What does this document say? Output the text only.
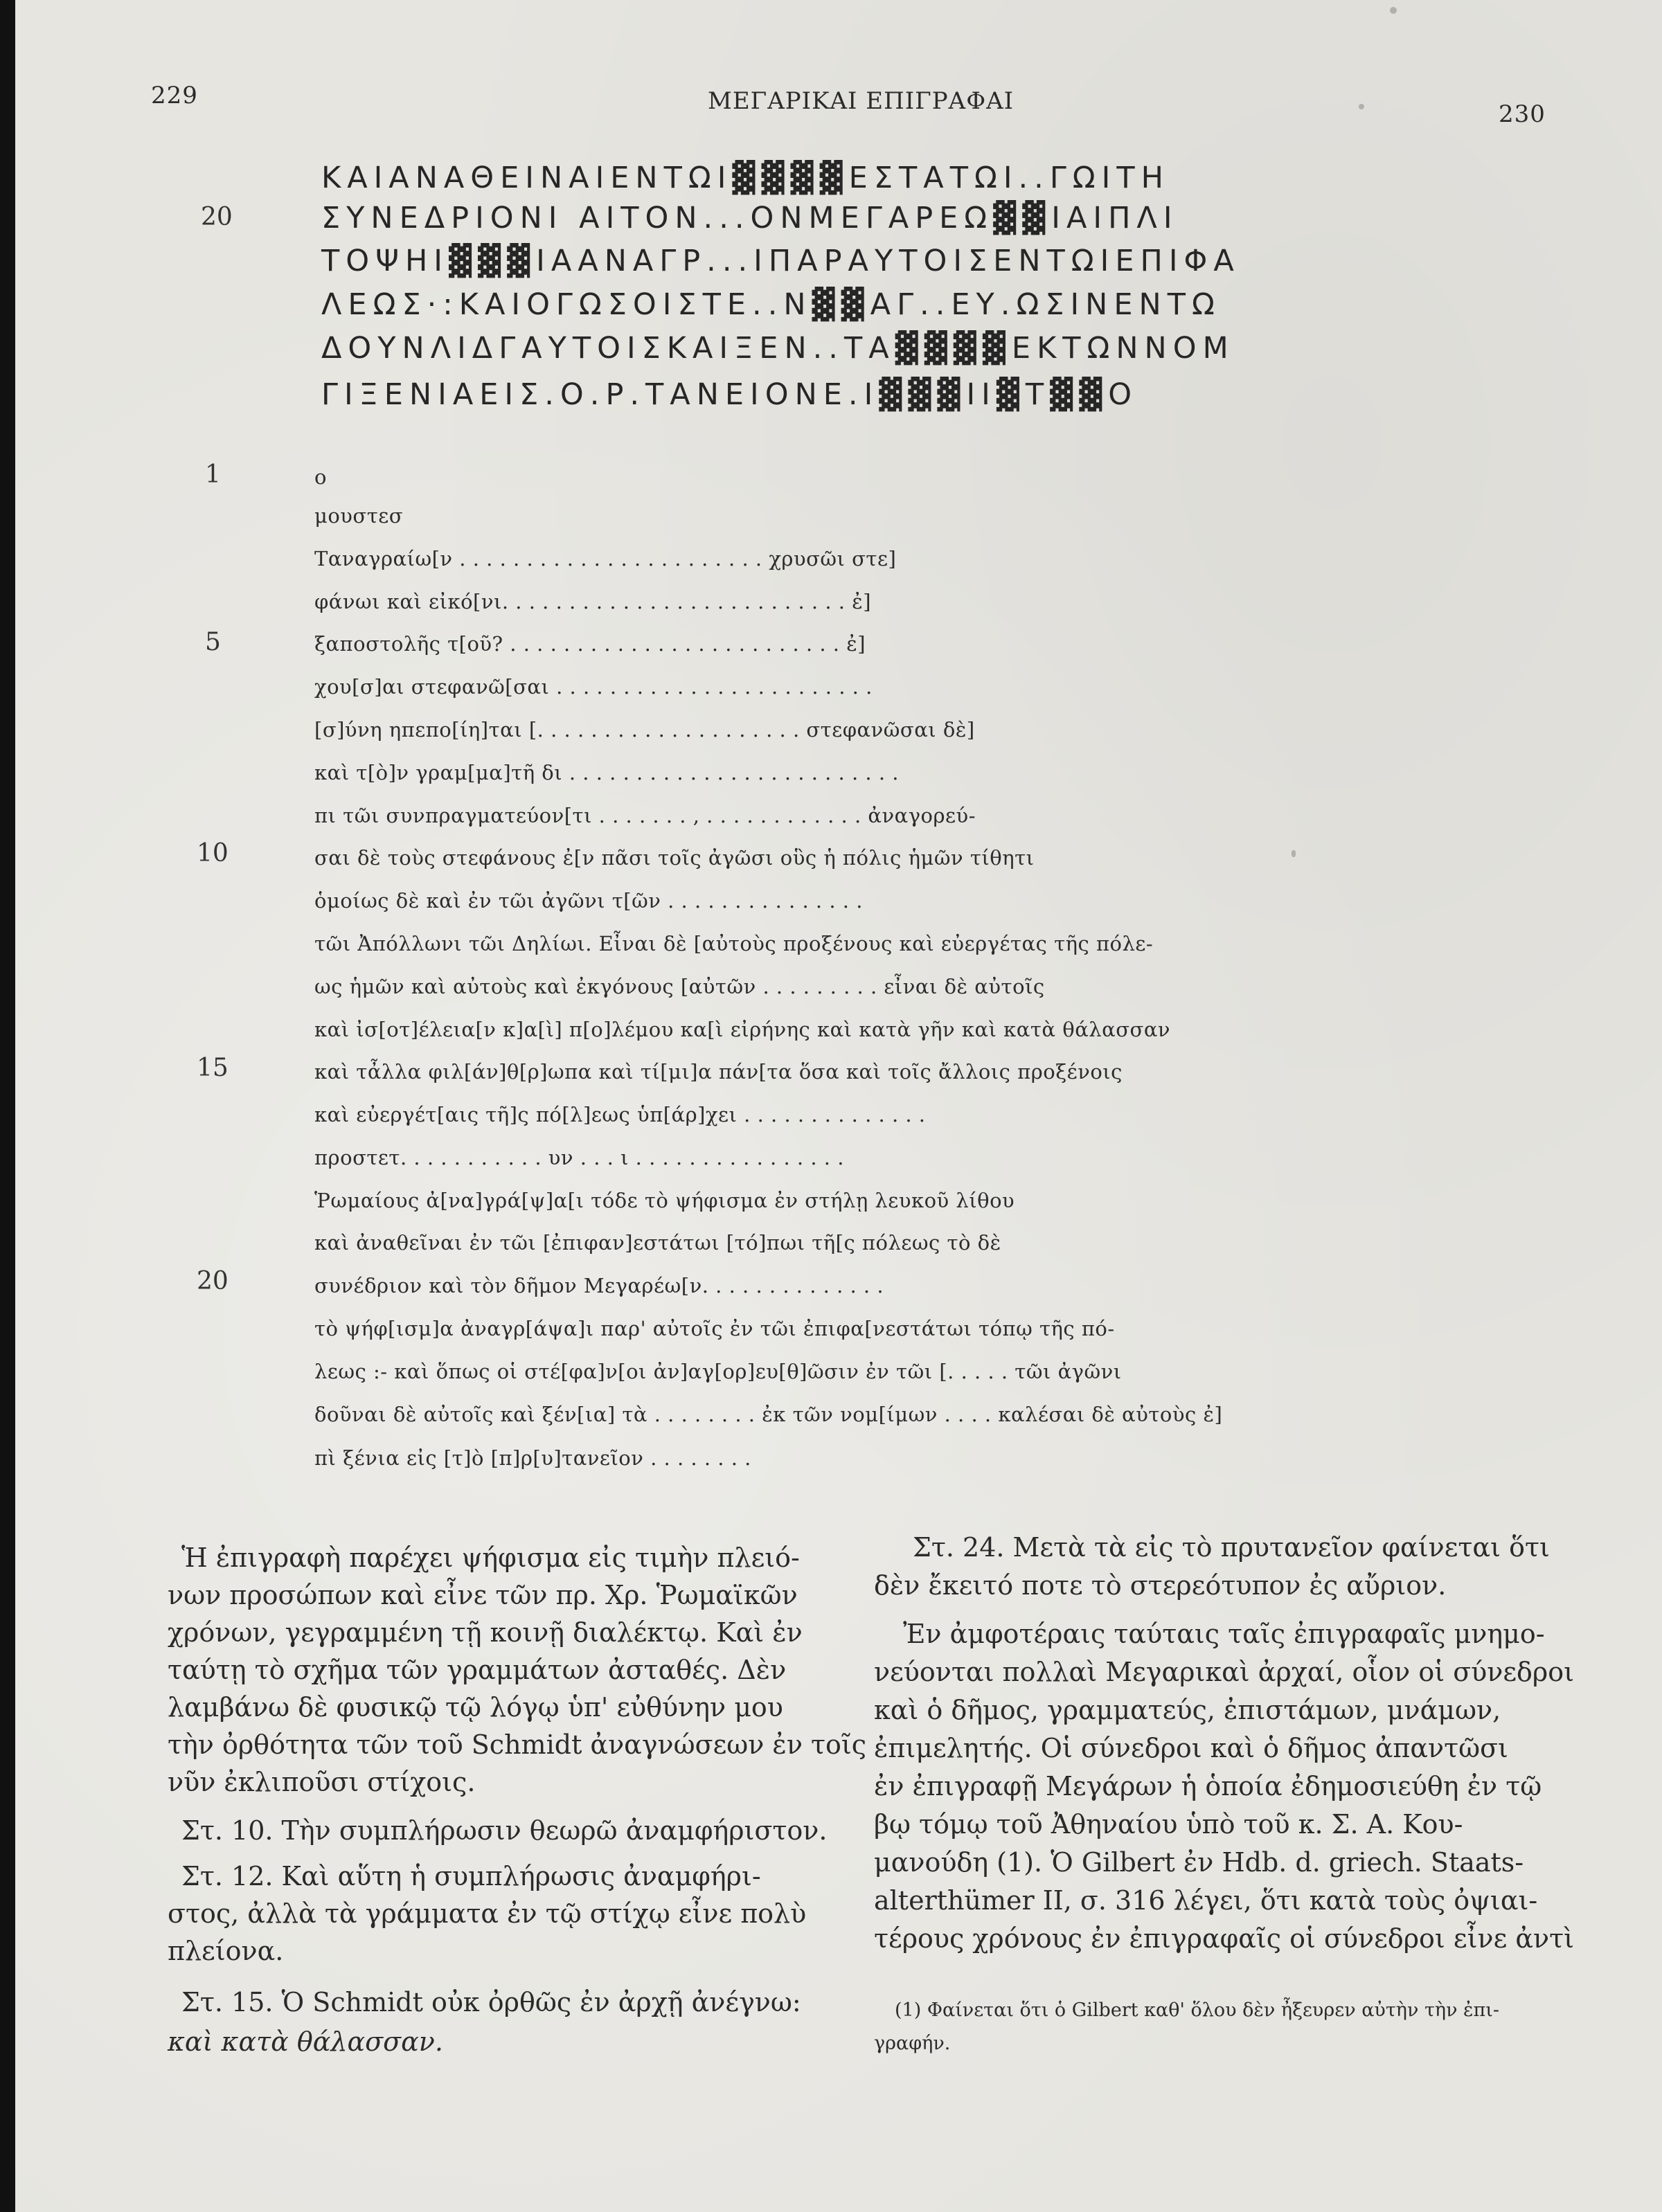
229	ΜΕΓΑΡΙΚΑΙ ΕΠΙΓΡΑΦΑΙ	230
ΚΑΙΑΝΑΘΕΙΝΑΙΕΝΤΩΙ▓▓▓▓ΕΣΤΑΤΩΙ..ΓΩΙΤΗ
20	ΣΥΝΕΔΡΙΟΝΙ ΑΙΤΟΝ...ΟΝΜΕΓΑΡΕΩ▓▓ΙΑΙΠΛΙ
ΤΟΨΗΙ▓▓▓ΙΑΑΝΑΓΡ...ΙΠΑΡΑΥΤΟΙΣΕΝΤΩΙΕΠΙΦΑ
ΛΕΩΣ·:ΚΑΙΟΓΩΣΟΙΣΤΕ..Ν▓▓ΑΓ..ΕΥ.ΩΣΙΝΕΝΤΩ
ΔΟΥΝΛΙΔΓΑΥΤΟΙΣΚΑΙΞΕΝ..ΤΑ▓▓▓▓ΕΚΤΩΝΝΟΜ
ΓΙΞΕΝΙΑΕΙΣ.Ο.Ρ.ΤΑΝΕΙΟΝΕ.Ι▓▓▓ΙΙ▓Τ▓▓Ο
1	ο
μουστεσ
Ταναγραίω[ν . . . . . . . . . . . . . . . . . . . . . . . χρυσῶι στε]
φάνωι καὶ εἰκό[νι. . . . . . . . . . . . . . . . . . . . . . . . . . ἐ]
5	ξαποστολῆς τ[οῦ? . . . . . . . . . . . . . . . . . . . . . . . . . ἐ]
χου[σ]αι στεφανῶ[σαι . . . . . . . . . . . . . . . . . . . . . . . .
[σ]ύνη ηπεπο[ίη]ται [. . . . . . . . . . . . . . . . . . . . στεφανῶσαι δὲ]
καὶ τ[ὸ]ν γραμ[μα]τῆ δι . . . . . . . . . . . . . . . . . . . . . . . . .
πι τῶι συνπραγματεύον[τι . . . . . . . , . . . . . . . . . . . . ἀναγορεύ-
10	σαι δὲ τοὺς στεφάνους ἐ[ν πᾶσι τοῖς ἀγῶσι οὓς ἡ πόλις ἡμῶν τίθητι
ὁμοίως δὲ καὶ ἐν τῶι ἀγῶνι τ[ῶν . . . . . . . . . . . . . . .
τῶι Ἀπόλλωνι τῶι Δηλίωι. Εἶναι δὲ [αὐτοὺς προξένους καὶ εὐεργέτας τῆς πόλε-
ως ἡμῶν καὶ αὐτοὺς καὶ ἐκγόνους [αὐτῶν . . . . . . . . . εἶναι δὲ αὐτοῖς
καὶ ἰσ[οτ]έλεια[ν κ]α[ὶ] π[ο]λέμου κα[ὶ εἰρήνης καὶ κατὰ γῆν καὶ κατὰ θάλασσαν
15	καὶ τἆλλα φιλ[άν]θ[ρ]ωπα καὶ τί[μι]α πάν[τα ὅσα καὶ τοῖς ἄλλοις προξένοις
καὶ εὐεργέτ[αις τῆ]ς πό[λ]εως ὑπ[άρ]χει . . . . . . . . . . . . . .
προστετ. . . . . . . . . . . υν . . . ι . . . . . . . . . . . . . . . .
Ῥωμαίους ἀ[να]γρά[ψ]α[ι τόδε τὸ ψήφισμα ἐν στήλῃ λευκοῦ λίθου
καὶ ἀναθεῖναι ἐν τῶι [ἐπιφαν]εστάτωι [τό]πωι τῆ[ς πόλεως τὸ δὲ
20	συνέδριον καὶ τὸν δῆμον Μεγαρέω[ν. . . . . . . . . . . . . .
τὸ ψήφ[ισμ]α ἀναγρ[άψα]ι παρ' αὐτοῖς ἐν τῶι ἐπιφα[νεστάτωι τόπῳ τῆς πό-
λεως :- καὶ ὅπως οἱ στέ[φα]ν[οι ἀν]αγ[ορ]ευ[θ]ῶσιν ἐν τῶι [. . . . . τῶι ἀγῶνι
δοῦναι δὲ αὐτοῖς καὶ ξέν[ια] τὰ . . . . . . . . ἐκ τῶν νομ[ίμων . . . . καλέσαι δὲ αὐτοὺς ἐ]
πὶ ξένια εἰς [τ]ὸ [π]ρ[υ]τανεῖον . . . . . . . .
Ἡ ἐπιγραφὴ παρέχει ψήφισμα εἰς τιμὴν πλειό-
νων προσώπων καὶ εἶνε τῶν πρ. Χρ. Ῥωμαϊκῶν
χρόνων, γεγραμμένη τῇ κοινῇ διαλέκτῳ. Καὶ ἐν
ταύτῃ τὸ σχῆμα τῶν γραμμάτων ἀσταθές. Δὲν
λαμβάνω δὲ φυσικῷ τῷ λόγῳ ὑπ' εὐθύνην μου
τὴν ὀρθότητα τῶν τοῦ Schmidt ἀναγνώσεων ἐν τοῖς
νῦν ἐκλιποῦσι στίχοις.
Στ. 10. Τὴν συμπλήρωσιν θεωρῶ ἀναμφήριστον.
Στ. 12. Καὶ αὕτη ἡ συμπλήρωσις ἀναμφήρι-
στος, ἀλλὰ τὰ γράμματα ἐν τῷ στίχῳ εἶνε πολὺ
πλείονα.
Στ. 15. Ὁ Schmidt οὐκ ὀρθῶς ἐν ἀρχῇ ἀνέγνω:
καὶ κατὰ θάλασσαν.
Στ. 24. Μετὰ τὰ εἰς τὸ πρυτανεῖον φαίνεται ὅτι
δὲν ἔκειτό ποτε τὸ στερεότυπον ἐς αὔριον.
Ἐν ἀμφοτέραις ταύταις ταῖς ἐπιγραφαῖς μνημο-
νεύονται πολλαὶ Μεγαρικαὶ ἀρχαί, οἷον οἱ σύνεδροι
καὶ ὁ δῆμος, γραμματεύς, ἐπιστάμων, μνάμων,
ἐπιμελητής. Οἱ σύνεδροι καὶ ὁ δῆμος ἀπαντῶσι
ἐν ἐπιγραφῇ Μεγάρων ἡ ὁποία ἐδημοσιεύθη ἐν τῷ
βῳ τόμῳ τοῦ Ἀθηναίου ὑπὸ τοῦ κ. Σ. Α. Κου-
μανούδη (1). Ὁ Gilbert ἐν Hdb. d. griech. Staats-
alterthümer II, σ. 316 λέγει, ὅτι κατὰ τοὺς ὀψιαι-
τέρους χρόνους ἐν ἐπιγραφαῖς οἱ σύνεδροι εἶνε ἀντὶ
(1) Φαίνεται ὅτι ὁ Gilbert καθ' ὅλου δὲν ἦξευρεν αὐτὴν τὴν ἐπι-
γραφήν.
